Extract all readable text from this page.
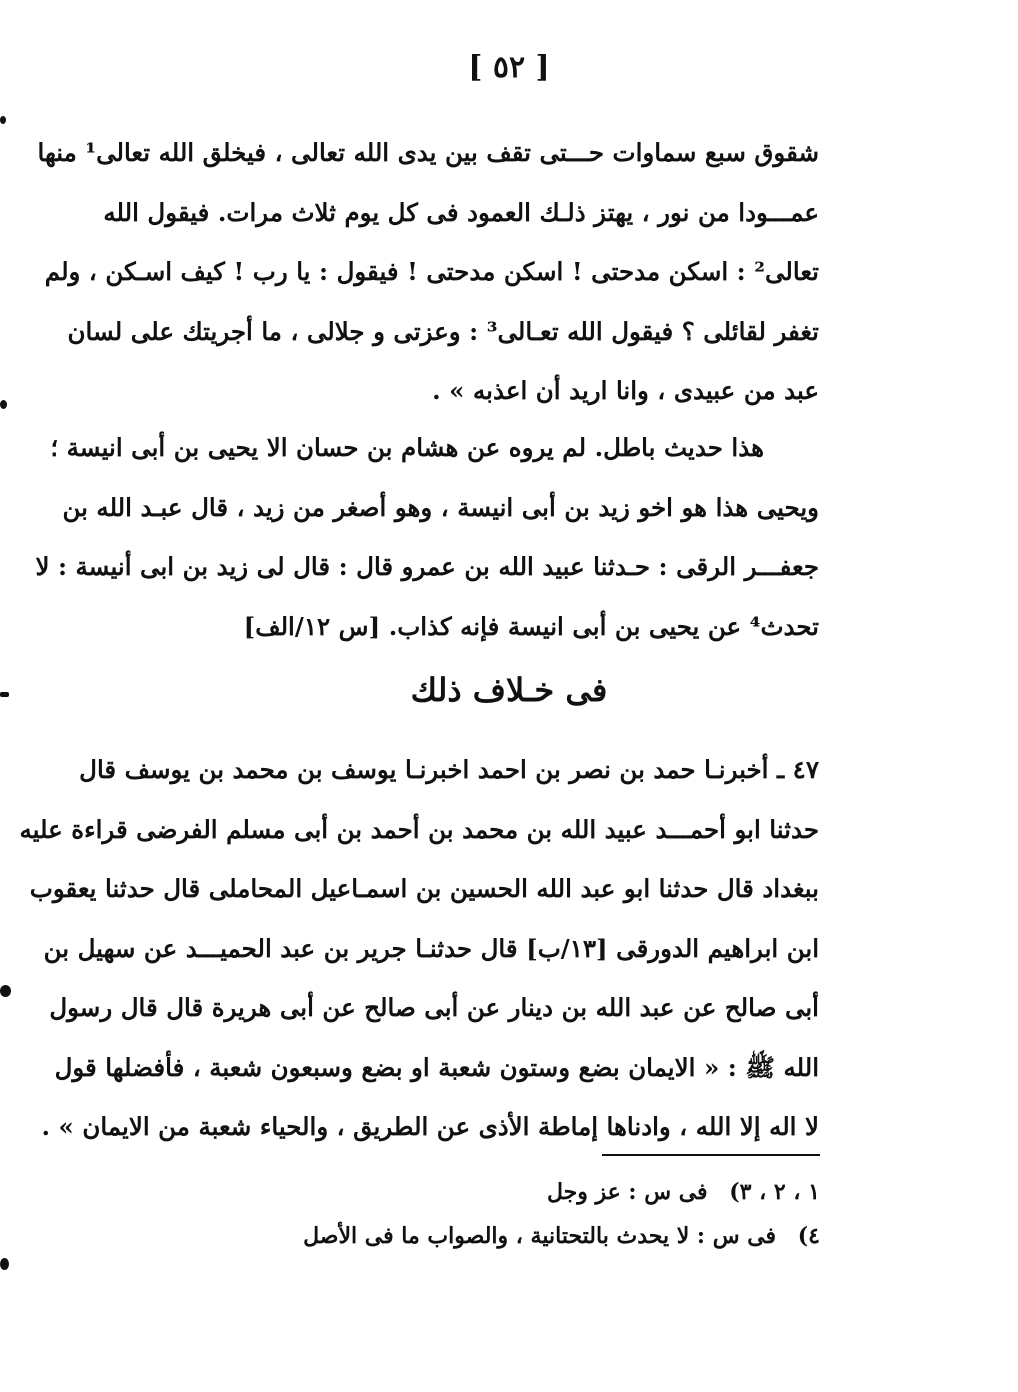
[ ٥٢ ]
شقوق سبع سماوات حـــتى تقف بين يدى الله تعالى ، فيخلق الله تعالى¹ منها
عمـــودا من نور ، يهتز ذلـك العمود فى كل يوم ثلاث مرات. فيقول الله
تعالى² : اسكن مدحتى ! اسكن مدحتى ! فيقول : يا رب ! كيف اسـكن ، ولم
تغفر لقائلى ؟ فيقول الله تعـالى³ : وعزتى و جلالى ، ما أجريتك على لسان
عبد من عبيدى ، وانا اريد أن اعذبه » .
هذا حديث باطل. لم يروه عن هشام بن حسان الا يحيى بن أبى انيسة ؛
ويحيى هذا هو اخو زيد بن أبى انيسة ، وهو أصغر من زيد ، قال عبـد الله بن
جعفـــر الرقى : حـدثنا عبيد الله بن عمرو قال : قال لى زيد بن ابى أنيسة : لا
تحدث⁴ عن يحيى بن أبى انيسة فإنه كذاب. [س ١٢/الف]
فى خـلاف ذلك
٤٧ ـ أخبرنـا حمد بن نصر بن احمد اخبرنـا يوسف بن محمد بن يوسف قال
حدثنا ابو أحمـــد عبيد الله بن محمد بن أحمد بن أبى مسلم الفرضى قراءة عليه
ببغداد قال حدثنا ابو عبد الله الحسين بن اسمـاعيل المحاملى قال حدثنا يعقوب
ابن ابراهيم الدورقى [١٣/ب] قال حدثنـا جرير بن عبد الحميـــد عن سهيل بن
أبى صالح عن عبد الله بن دينار عن أبى صالح عن أبى هريرة قال قال رسول
الله ﷺ : « الايمان بضع وستون شعبة او بضع وسبعون شعبة ، فأفضلها قول
لا اله إلا الله ، وادناها إماطة الأذى عن الطريق ، والحياء شعبة من الايمان » .
١ ، ٢ ، ٣) فى س : عز وجل
٤) فى س : لا يحدث بالتحتانية ، والصواب ما فى الأصل
